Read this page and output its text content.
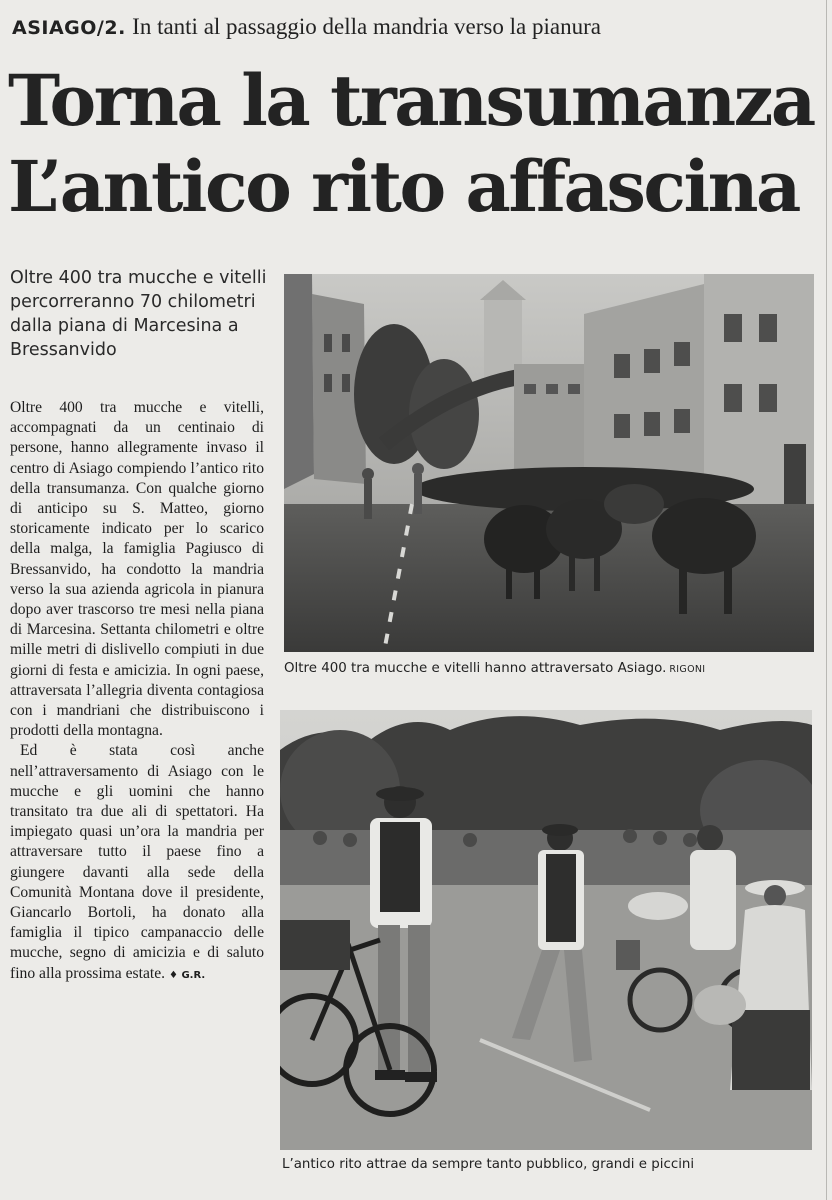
ASIAGO/2. In tanti al passaggio della mandria verso la pianura
Torna la transumanza
L’antico rito affascina
Oltre 400 tra mucche e vitelli percorreranno 70 chilometri dalla piana di Marcesina a Bressanvido

Oltre 400 tra mucche e vitelli, accompagnati da un centinaio di persone, hanno allegramente invaso il centro di Asiago compiendo l’antico rito della transumanza. Con qualche giorno di anticipo su S. Matteo, giorno storicamente indicato per lo scarico della malga, la famiglia Pagiusco di Bressanvido, ha condotto la mandria verso la sua azienda agricola in pianura dopo aver trascorso tre mesi nella piana di Marcesina. Settanta chilometri e oltre mille metri di dislivello compiuti in due giorni di festa e amicizia. In ogni paese, attraversata l’allegria diventa contagiosa con i mandriani che distribuiscono i prodotti della montagna.

Ed è stata così anche nell’attraversamento di Asiago con le mucche e gli uomini che hanno transitato tra due ali di spettatori. Ha impiegato quasi un’ora la mandria per attraversare tutto il paese fino a giungere davanti alla sede della Comunità Montana dove il presidente, Giancarlo Bortoli, ha donato alla famiglia il tipico campanaccio delle mucche, segno di amicizia e di saluto fino alla prossima estate. ♦ G.R.

Oltre 400 tra mucche e vitelli hanno attraversato Asiago. RIGONI
L’antico rito attrae da sempre tanto pubblico, grandi e piccini
